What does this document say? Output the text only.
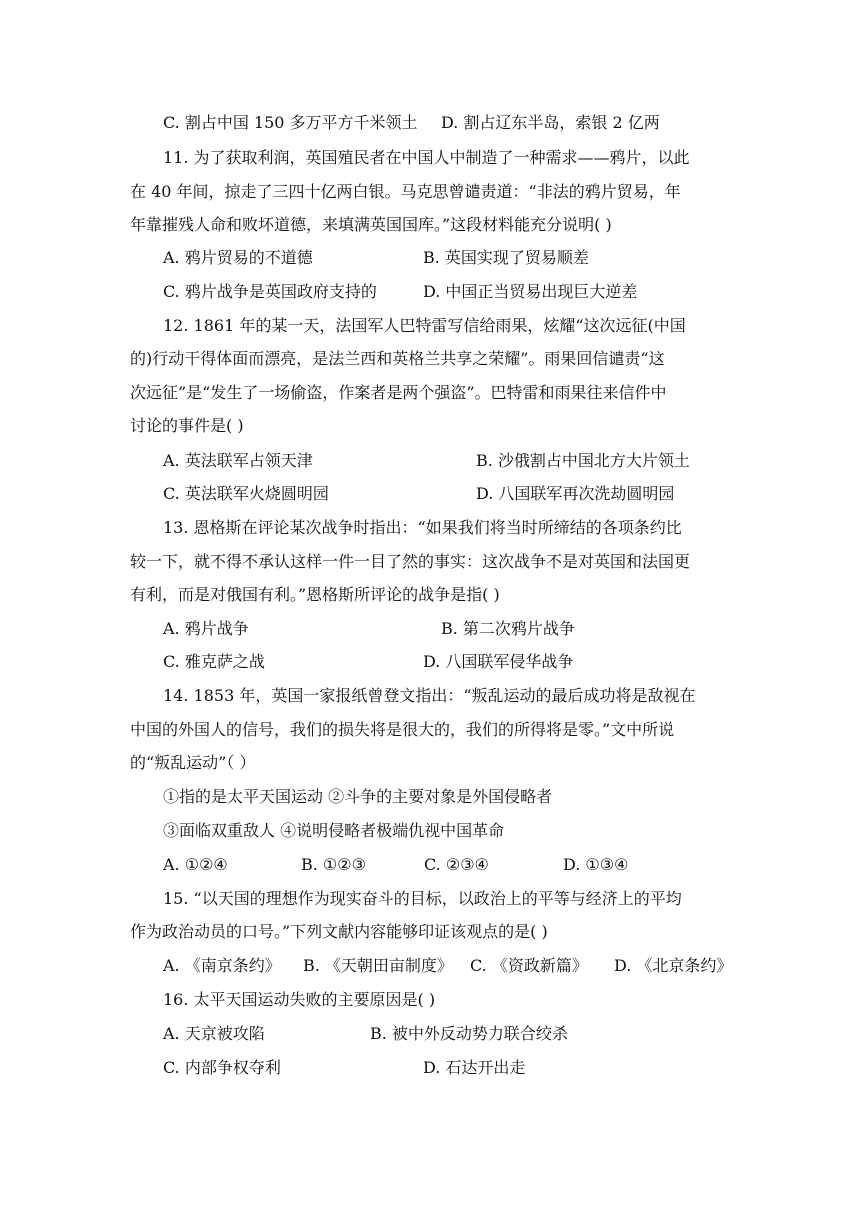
C. 割占中国 150 多万平方千米领土 D. 割占辽东半岛，索银 2 亿两
11. 为了获取利润，英国殖民者在中国人中制造了一种需求——鸦片，以此
在 40 年间，掠走了三四十亿两白银。马克思曾谴责道：“非法的鸦片贸易，年
年靠摧残人命和败坏道德，来填满英国国库。”这段材料能充分说明( )
A. 鸦片贸易的不道德	B. 英国实现了贸易顺差
C. 鸦片战争是英国政府支持的	D. 中国正当贸易出现巨大逆差
12. 1861 年的某一天，法国军人巴特雷写信给雨果，炫耀“这次远征(中国
的)行动干得体面而漂亮，是法兰西和英格兰共享之荣耀”。雨果回信谴责“这
次远征”是“发生了一场偷盗，作案者是两个强盗”。巴特雷和雨果往来信件中
讨论的事件是( )
A. 英法联军占领天津	B. 沙俄割占中国北方大片领土
C. 英法联军火烧圆明园	D. 八国联军再次洗劫圆明园
13. 恩格斯在评论某次战争时指出：“如果我们将当时所缔结的各项条约比
较一下，就不得不承认这样一件一目了然的事实：这次战争不是对英国和法国更
有利，而是对俄国有利。”恩格斯所评论的战争是指( )
A. 鸦片战争	B. 第二次鸦片战争
C. 雅克萨之战	D. 八国联军侵华战争
14. 1853 年，英国一家报纸曾登文指出：“叛乱运动的最后成功将是敌视在
中国的外国人的信号，我们的损失将是很大的，我们的所得将是零。”文中所说
的“叛乱运动”（ ）
①指的是太平天国运动 ②斗争的主要对象是外国侵略者
③面临双重敌人 ④说明侵略者极端仇视中国革命
A. ①②④	B. ①②③	C. ②③④	D. ①③④
15. “以天国的理想作为现实奋斗的目标，以政治上的平等与经济上的平均
作为政治动员的口号。”下列文献内容能够印证该观点的是( )
A. 《南京条约》 B. 《天朝田亩制度》 C. 《资政新篇》 D. 《北京条约》
16. 太平天国运动失败的主要原因是( )
A. 天京被攻陷	B. 被中外反动势力联合绞杀
C. 内部争权夺利	D. 石达开出走
